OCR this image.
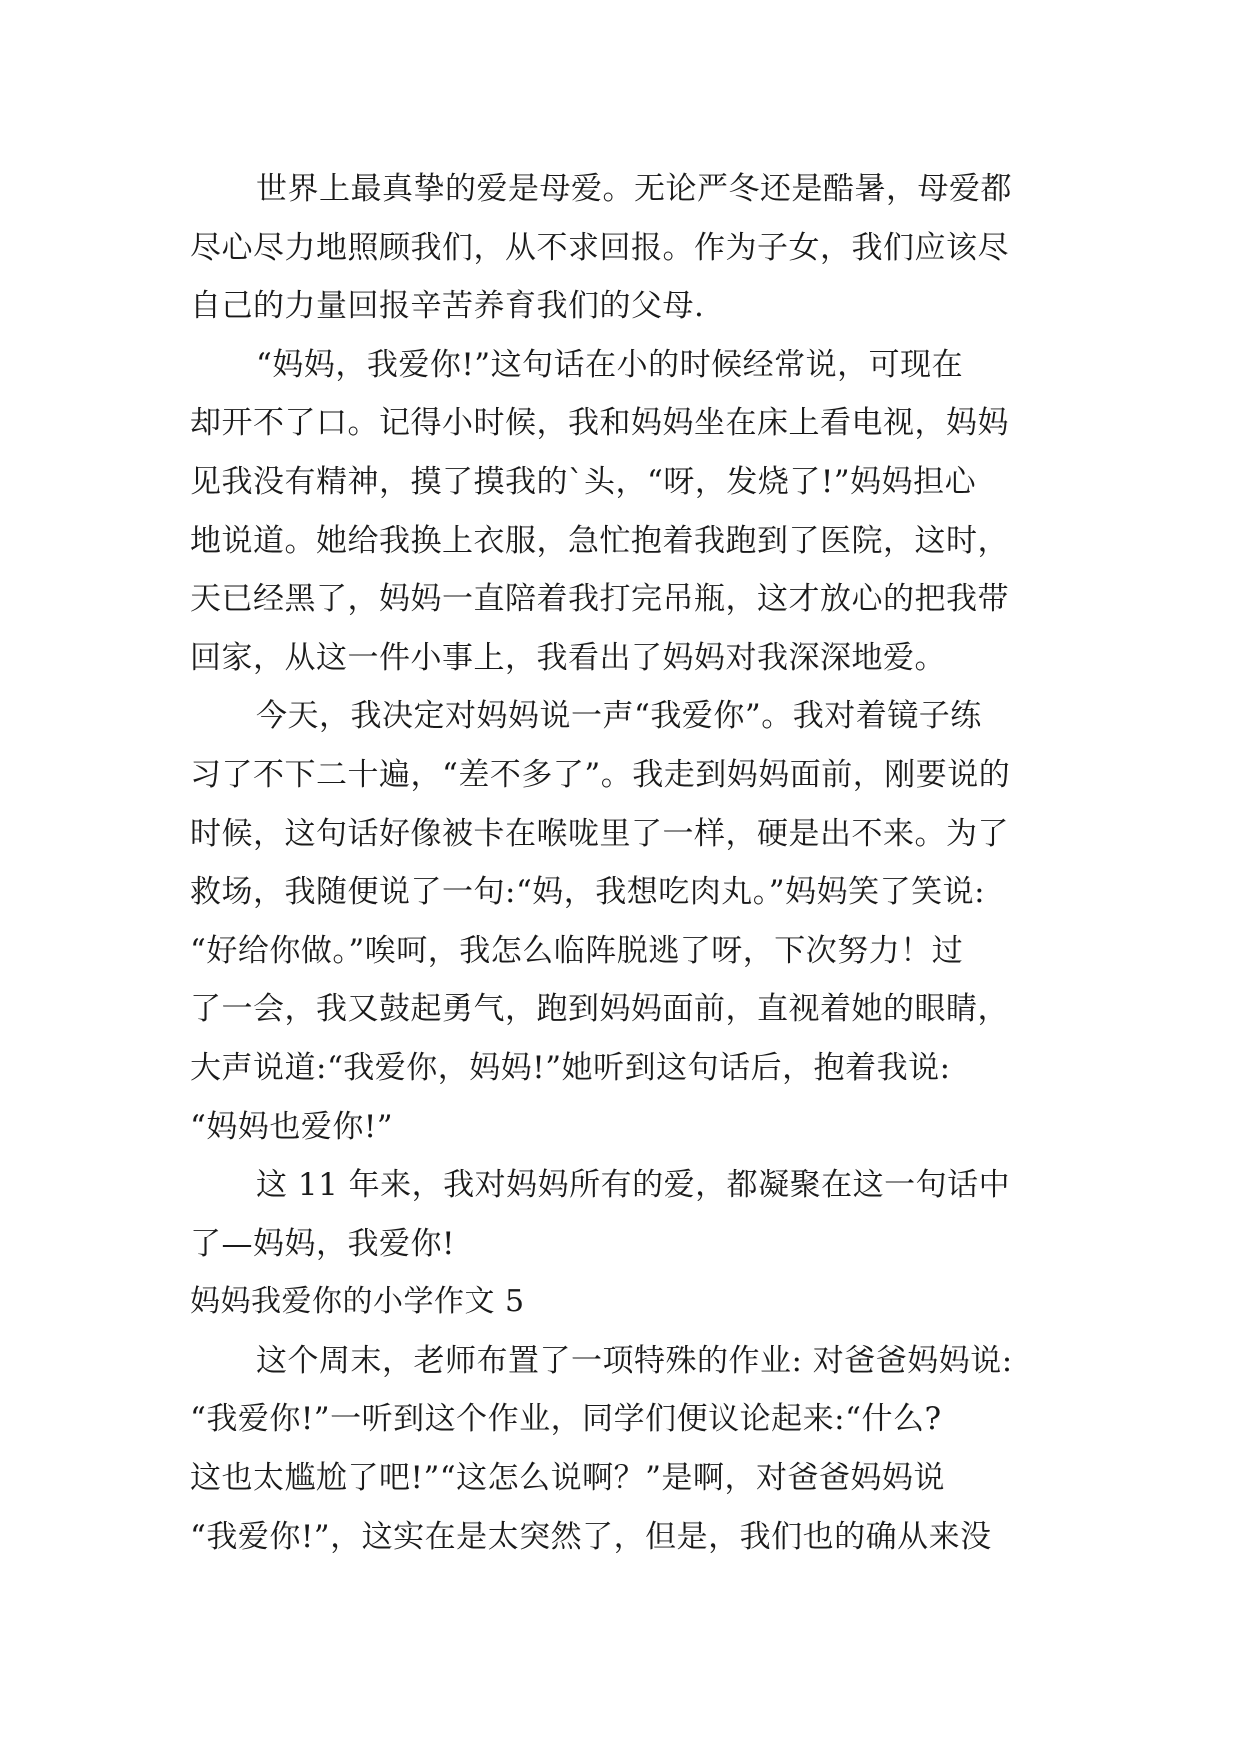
世界上最真挚的爱是母爱。无论严冬还是酷暑，母爱都
尽心尽力地照顾我们，从不求回报。作为子女，我们应该尽
自己的力量回报辛苦养育我们的父母.
“妈妈，我爱你!”这句话在小的时候经常说，可现在
却开不了口。记得小时候，我和妈妈坐在床上看电视，妈妈
见我没有精神，摸了摸我的`头，“呀，发烧了!”妈妈担心
地说道。她给我换上衣服，急忙抱着我跑到了医院，这时，
天已经黑了，妈妈一直陪着我打完吊瓶，这才放心的把我带
回家，从这一件小事上，我看出了妈妈对我深深地爱。
今天，我决定对妈妈说一声“我爱你”。我对着镜子练
习了不下二十遍，“差不多了”。我走到妈妈面前，刚要说的
时候，这句话好像被卡在喉咙里了一样，硬是出不来。为了
救场，我随便说了一句:“妈，我想吃肉丸。”妈妈笑了笑说:
“好给你做。”唉呵，我怎么临阵脱逃了呀，下次努力！过
了一会，我又鼓起勇气，跑到妈妈面前，直视着她的眼睛，
大声说道:“我爱你，妈妈!”她听到这句话后，抱着我说:
“妈妈也爱你!”
这 11 年来，我对妈妈所有的爱，都凝聚在这一句话中
了—妈妈，我爱你!
妈妈我爱你的小学作文 5
这个周末，老师布置了一项特殊的作业: 对爸爸妈妈说:
“我爱你!”一听到这个作业，同学们便议论起来:“什么?
这也太尴尬了吧!”“这怎么说啊？”是啊，对爸爸妈妈说
“我爱你!”，这实在是太突然了，但是，我们也的确从来没
